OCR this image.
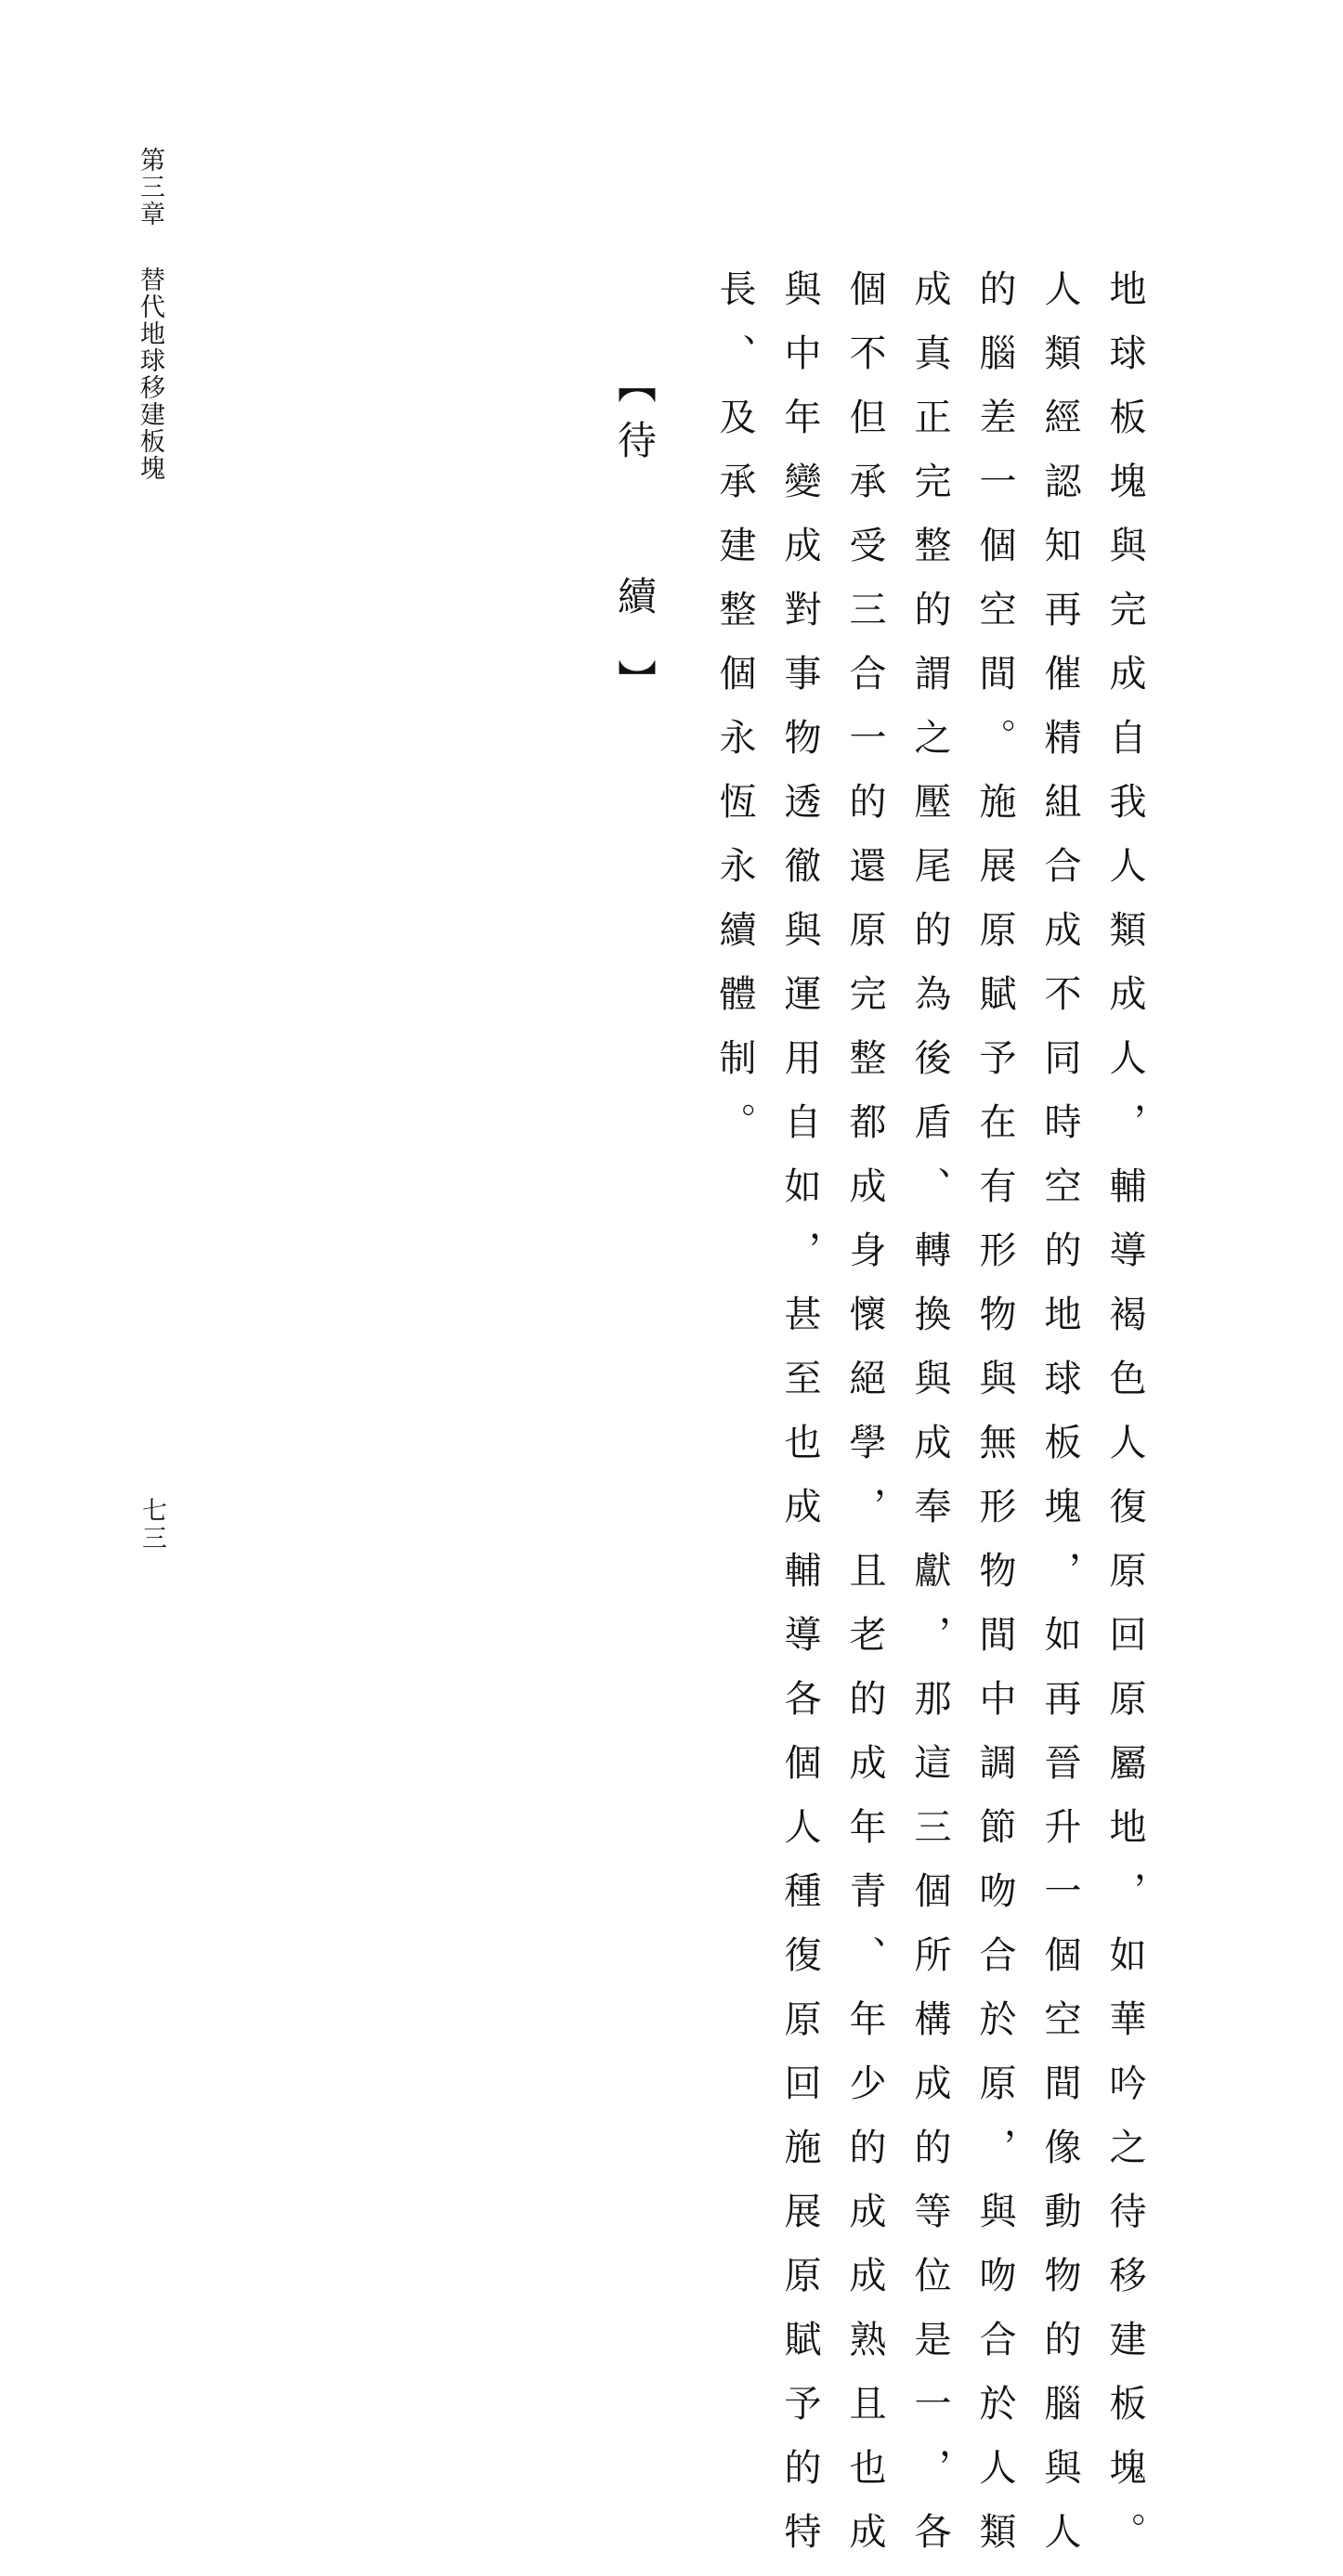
第三章替代地球移建板塊
七三	地球板塊與完成自我人類成人，輔導褐色人復原回原屬地，如華吟之待移建板塊。
人類經認知再催精組合成不同時空的地球板塊，如再晉升一個空間像動物的腦與人
的腦差一個空間。施展原賦予在有形物與無形物間中調節吻合於原，與吻合於人類
成真正完整的謂之壓尾的為後盾、轉換與成奉獻，那這三個所構成的等位是一，各
個不但承受三合一的還原完整都成身懷絕學，且老的成年青、年少的成成熟且也成
與中年變成對事物透徹與運用自如，甚至也成輔導各個人種復原回施展原賦予的特
長、及承建整個永恆永續體制。
【
待
續
】
